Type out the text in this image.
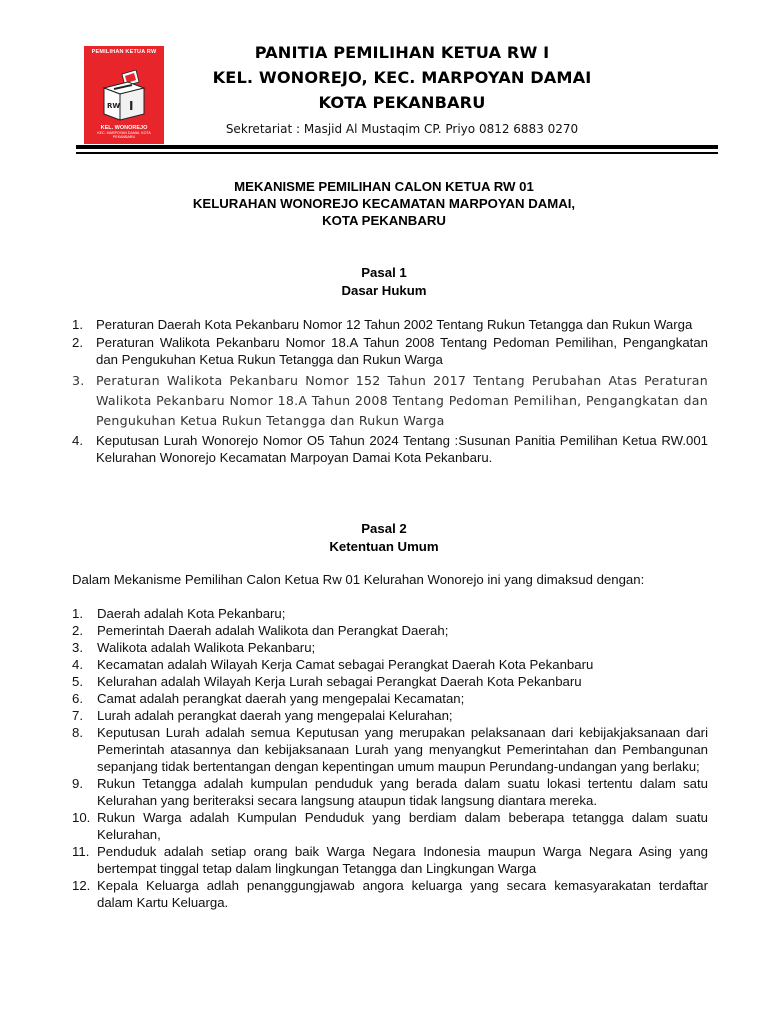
PEMILIHAN KETUA RW
RW I
KEL. WONOREJO
KEC. MARPOYAN DAMAI, KOTA PEKANBARU
PANITIA PEMILIHAN KETUA RW I
KEL. WONOREJO, KEC. MARPOYAN DAMAI
KOTA PEKANBARU
Sekretariat : Masjid Al Mustaqim CP. Priyo 0812 6883 0270
MEKANISME PEMILIHAN CALON KETUA RW 01
KELURAHAN WONOREJO KECAMATAN MARPOYAN DAMAI,
KOTA PEKANBARU
Pasal 1
Dasar Hukum
1. Peraturan Daerah Kota Pekanbaru Nomor 12 Tahun 2002 Tentang Rukun Tetangga dan Rukun Warga
2. Peraturan Walikota Pekanbaru Nomor 18.A Tahun 2008 Tentang Pedoman Pemilihan, Pengangkatan dan Pengukuhan Ketua Rukun Tetangga dan Rukun Warga
3. Peraturan Walikota Pekanbaru Nomor 152 Tahun 2017 Tentang Perubahan Atas Peraturan Walikota Pekanbaru Nomor 18.A Tahun 2008 Tentang Pedoman Pemilihan, Pengangkatan dan Pengukuhan Ketua Rukun Tetangga dan Rukun Warga
4. Keputusan Lurah Wonorejo Nomor O5 Tahun 2024 Tentang :Susunan Panitia Pemilihan Ketua RW.001 Kelurahan Wonorejo Kecamatan Marpoyan Damai Kota Pekanbaru.
Pasal 2
Ketentuan Umum
Dalam Mekanisme Pemilihan Calon Ketua Rw 01 Kelurahan Wonorejo ini yang dimaksud dengan:
1. Daerah adalah Kota Pekanbaru;
2. Pemerintah Daerah adalah Walikota dan Perangkat Daerah;
3. Walikota adalah Walikota Pekanbaru;
4. Kecamatan adalah Wilayah Kerja Camat sebagai Perangkat Daerah Kota Pekanbaru
5. Kelurahan adalah Wilayah Kerja Lurah sebagai Perangkat Daerah Kota Pekanbaru
6. Camat adalah perangkat daerah yang mengepalai Kecamatan;
7. Lurah adalah perangkat daerah yang mengepalai Kelurahan;
8. Keputusan Lurah adalah semua Keputusan yang merupakan pelaksanaan dari kebijakjaksanaan dari Pemerintah atasannya dan kebijaksanaan Lurah yang menyangkut Pemerintahan dan Pembangunan sepanjang tidak bertentangan dengan kepentingan umum maupun Perundang-undangan yang berlaku;
9. Rukun Tetangga adalah kumpulan penduduk yang berada dalam suatu lokasi tertentu dalam satu Kelurahan yang beriteraksi secara langsung ataupun tidak langsung diantara mereka.
10. Rukun Warga adalah Kumpulan Penduduk yang berdiam dalam beberapa tetangga dalam suatu Kelurahan,
11. Penduduk adalah setiap orang baik Warga Negara Indonesia maupun Warga Negara Asing yang bertempat tinggal tetap dalam lingkungan Tetangga dan Lingkungan Warga
12. Kepala Keluarga adlah penanggungjawab angora keluarga yang secara kemasyarakatan terdaftar dalam Kartu Keluarga.
